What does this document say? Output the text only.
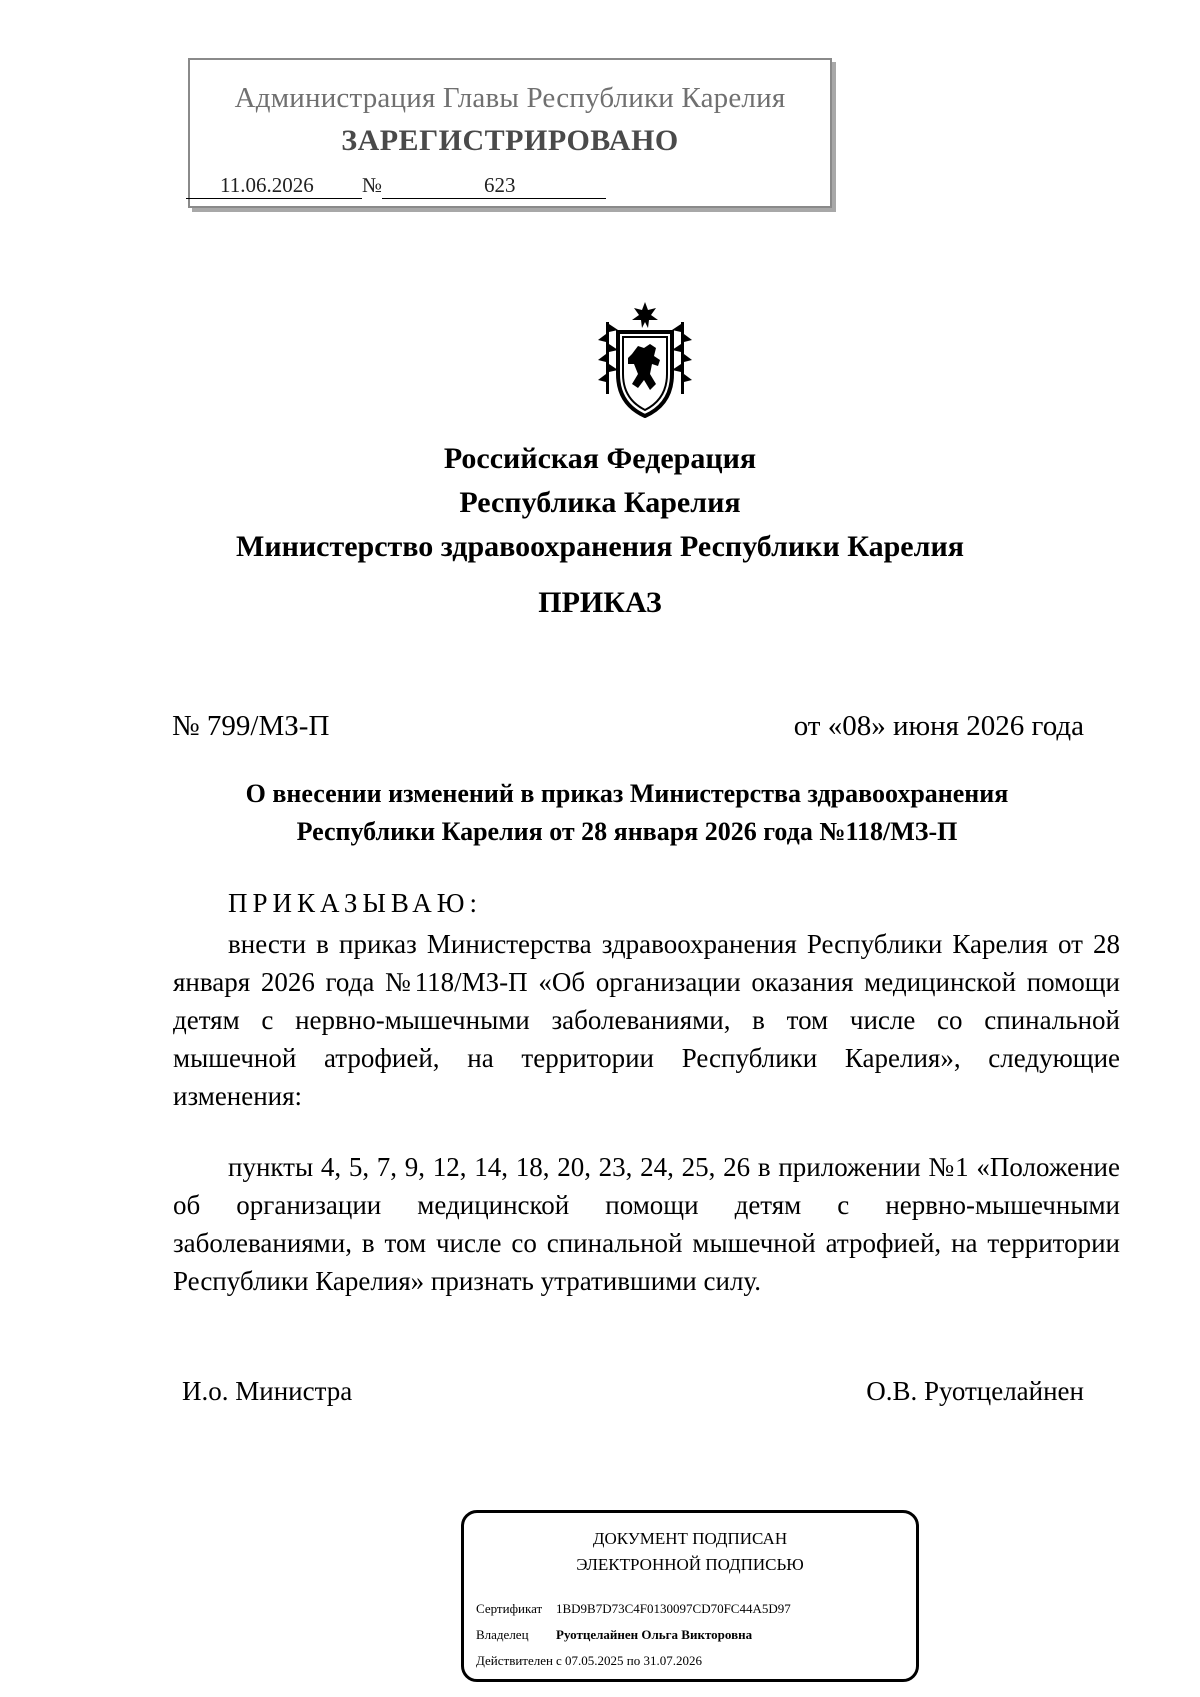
Администрация Главы Республики Карелия
ЗАРЕГИСТРИРОВАНО
11.06.2026 №	623
Российская Федерация
Республика Карелия
Министерство здравоохранения Республики Карелия
ПРИКАЗ
№ 799/МЗ-П	от «08» июня 2026 года
О внесении изменений в приказ Министерства здравоохранения
Республики Карелия от 28 января 2026 года №118/МЗ-П
ПРИКАЗЫВАЮ:
внести в приказ Министерства здравоохранения Республики Карелия от 28 января 2026 года №118/МЗ-П «Об организации оказания медицинской помощи детям с нервно-мышечными заболеваниями, в том числе со спинальной мышечной атрофией, на территории Республики Карелия», следующие изменения:
пункты 4, 5, 7, 9, 12, 14, 18, 20, 23, 24, 25, 26 в приложении №1 «Положение об организации медицинской помощи детям с нервно-мышечными заболеваниями, в том числе со спинальной мышечной атрофией, на территории Республики Карелия» признать утратившими силу.
И.о. Министра	О.В. Руотцелайнен
ДОКУМЕНТ ПОДПИСАН
ЭЛЕКТРОННОЙ ПОДПИСЬЮ
Сертификат 1BD9B7D73C4F0130097CD70FC44A5D97
Владелец Руотцелайнен Ольга Викторовна
Действителен с 07.05.2025 по 31.07.2026
